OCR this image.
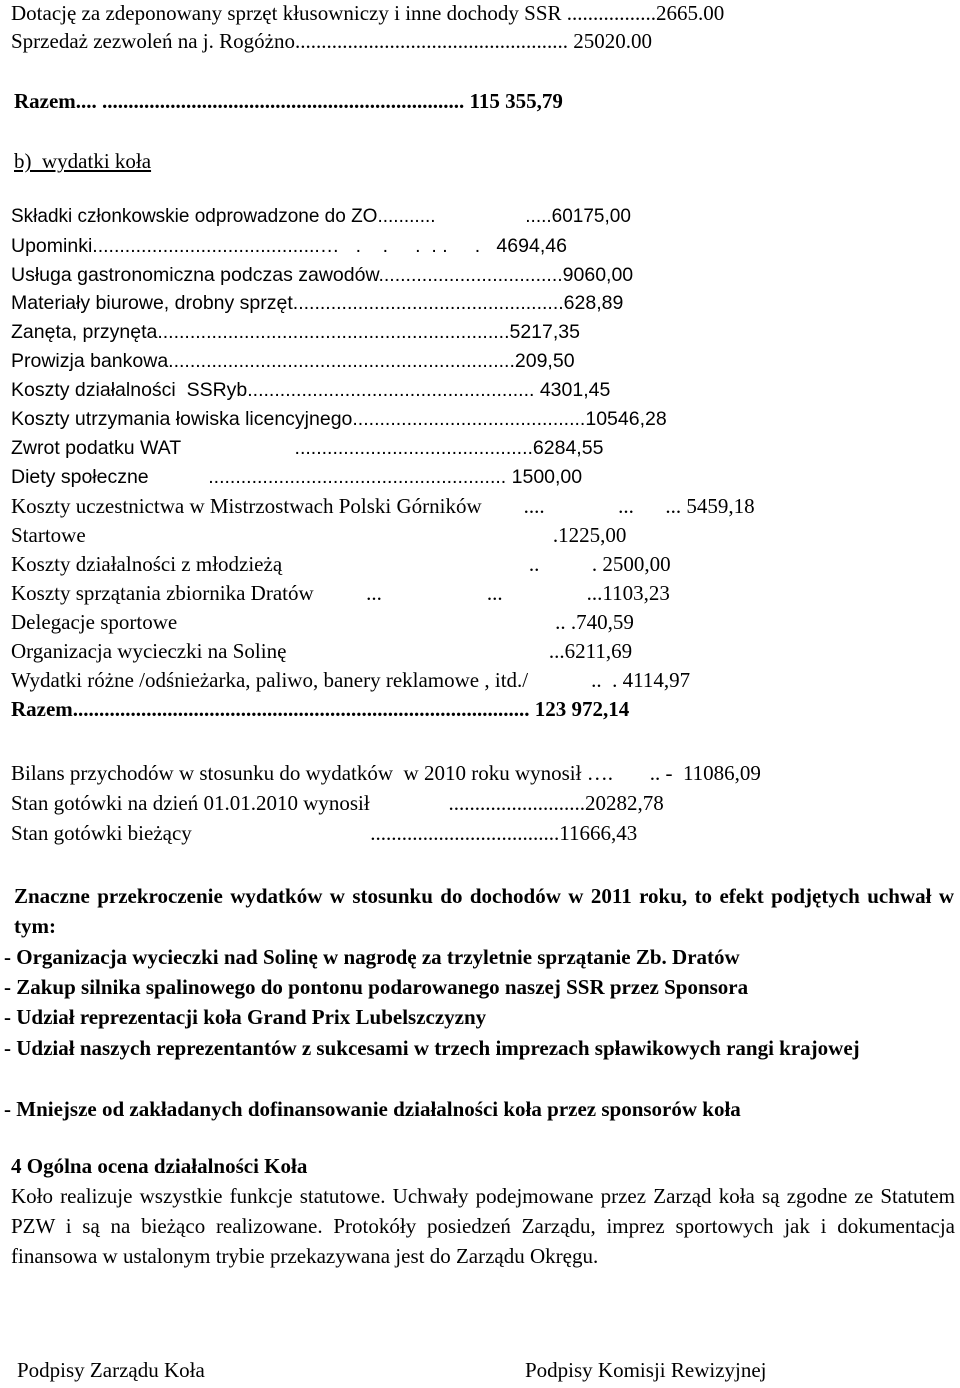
Dotację za zdeponowany sprzęt kłusowniczy i inne dochody SSR .................2665.00
Sprzedaż zezwoleń na j. Rogóżno.................................................... 25020.00
Razem.... ..................................................................... 115 355,79
b)  wydatki koła
Składki członkowskie odprowadzone do ZO...........                 .....60175,00
Upominki..........................................…   .    .     .  . .     .   4694,46
Usługa gastronomiczna podczas zawodów..................................9060,00
Materiały biurowe, drobny sprzęt..................................................628,89
Zanęta, przynęta.................................................................5217,35
Prowizja bankowa................................................................209,50
Koszty działalności  SSRyb..................................................... 4301,45
Koszty utrzymania łowiska licencyjnego...........................................10546,28
Zwrot podatku WAT                     ............................................6284,55
Diety społeczne           ....................................................... 1500,00
Koszty uczestnictwa w Mistrzostwach Polski Górników        ....              ...      ... 5459,18
Startowe                                                                                         .1225,00
Koszty działalności z młodzieżą                                               ..          . 2500,00
Koszty sprzątania zbiornika Dratów          ...                    ...                ...1103,23
Delegacje sportowe                                                                        .. .740,59
Organizacja wycieczki na Solinę                                                  ...6211,69
Wydatki różne /odśnieżarka, paliwo, banery reklamowe , itd./            ..  . 4114,97
Razem....................................................................................... 123 972,14
Bilans przychodów w stosunku do wydatków  w 2010 roku wynosił ….       .. -  11086,09
Stan gotówki na dzień 01.01.2010 wynosił               ..........................20282,78
Stan gotówki bieżący                                  ....................................11666,43
Znaczne przekroczenie wydatków w stosunku do dochodów w 2011 roku, to efekt podjętych uchwał w tym:
- Organizacja wycieczki nad Solinę w nagrodę za trzyletnie sprzątanie Zb. Dratów
- Zakup silnika spalinowego do pontonu podarowanego naszej SSR przez Sponsora
- Udział reprezentacji koła Grand Prix Lubelszczyzny
- Udział naszych reprezentantów z sukcesami w trzech imprezach spławikowych rangi krajowej
- Mniejsze od zakładanych dofinansowanie działalności koła przez sponsorów koła
4 Ogólna ocena działalności Koła
Koło realizuje wszystkie funkcje statutowe. Uchwały podejmowane przez Zarząd koła są zgodne ze Statutem PZW i są na bieżąco realizowane. Protokóły posiedzeń Zarządu, imprez sportowych jak i dokumentacja finansowa w ustalonym trybie przekazywana jest do Zarządu Okręgu.
Podpisy Zarządu Koła	Podpisy Komisji Rewizyjnej
